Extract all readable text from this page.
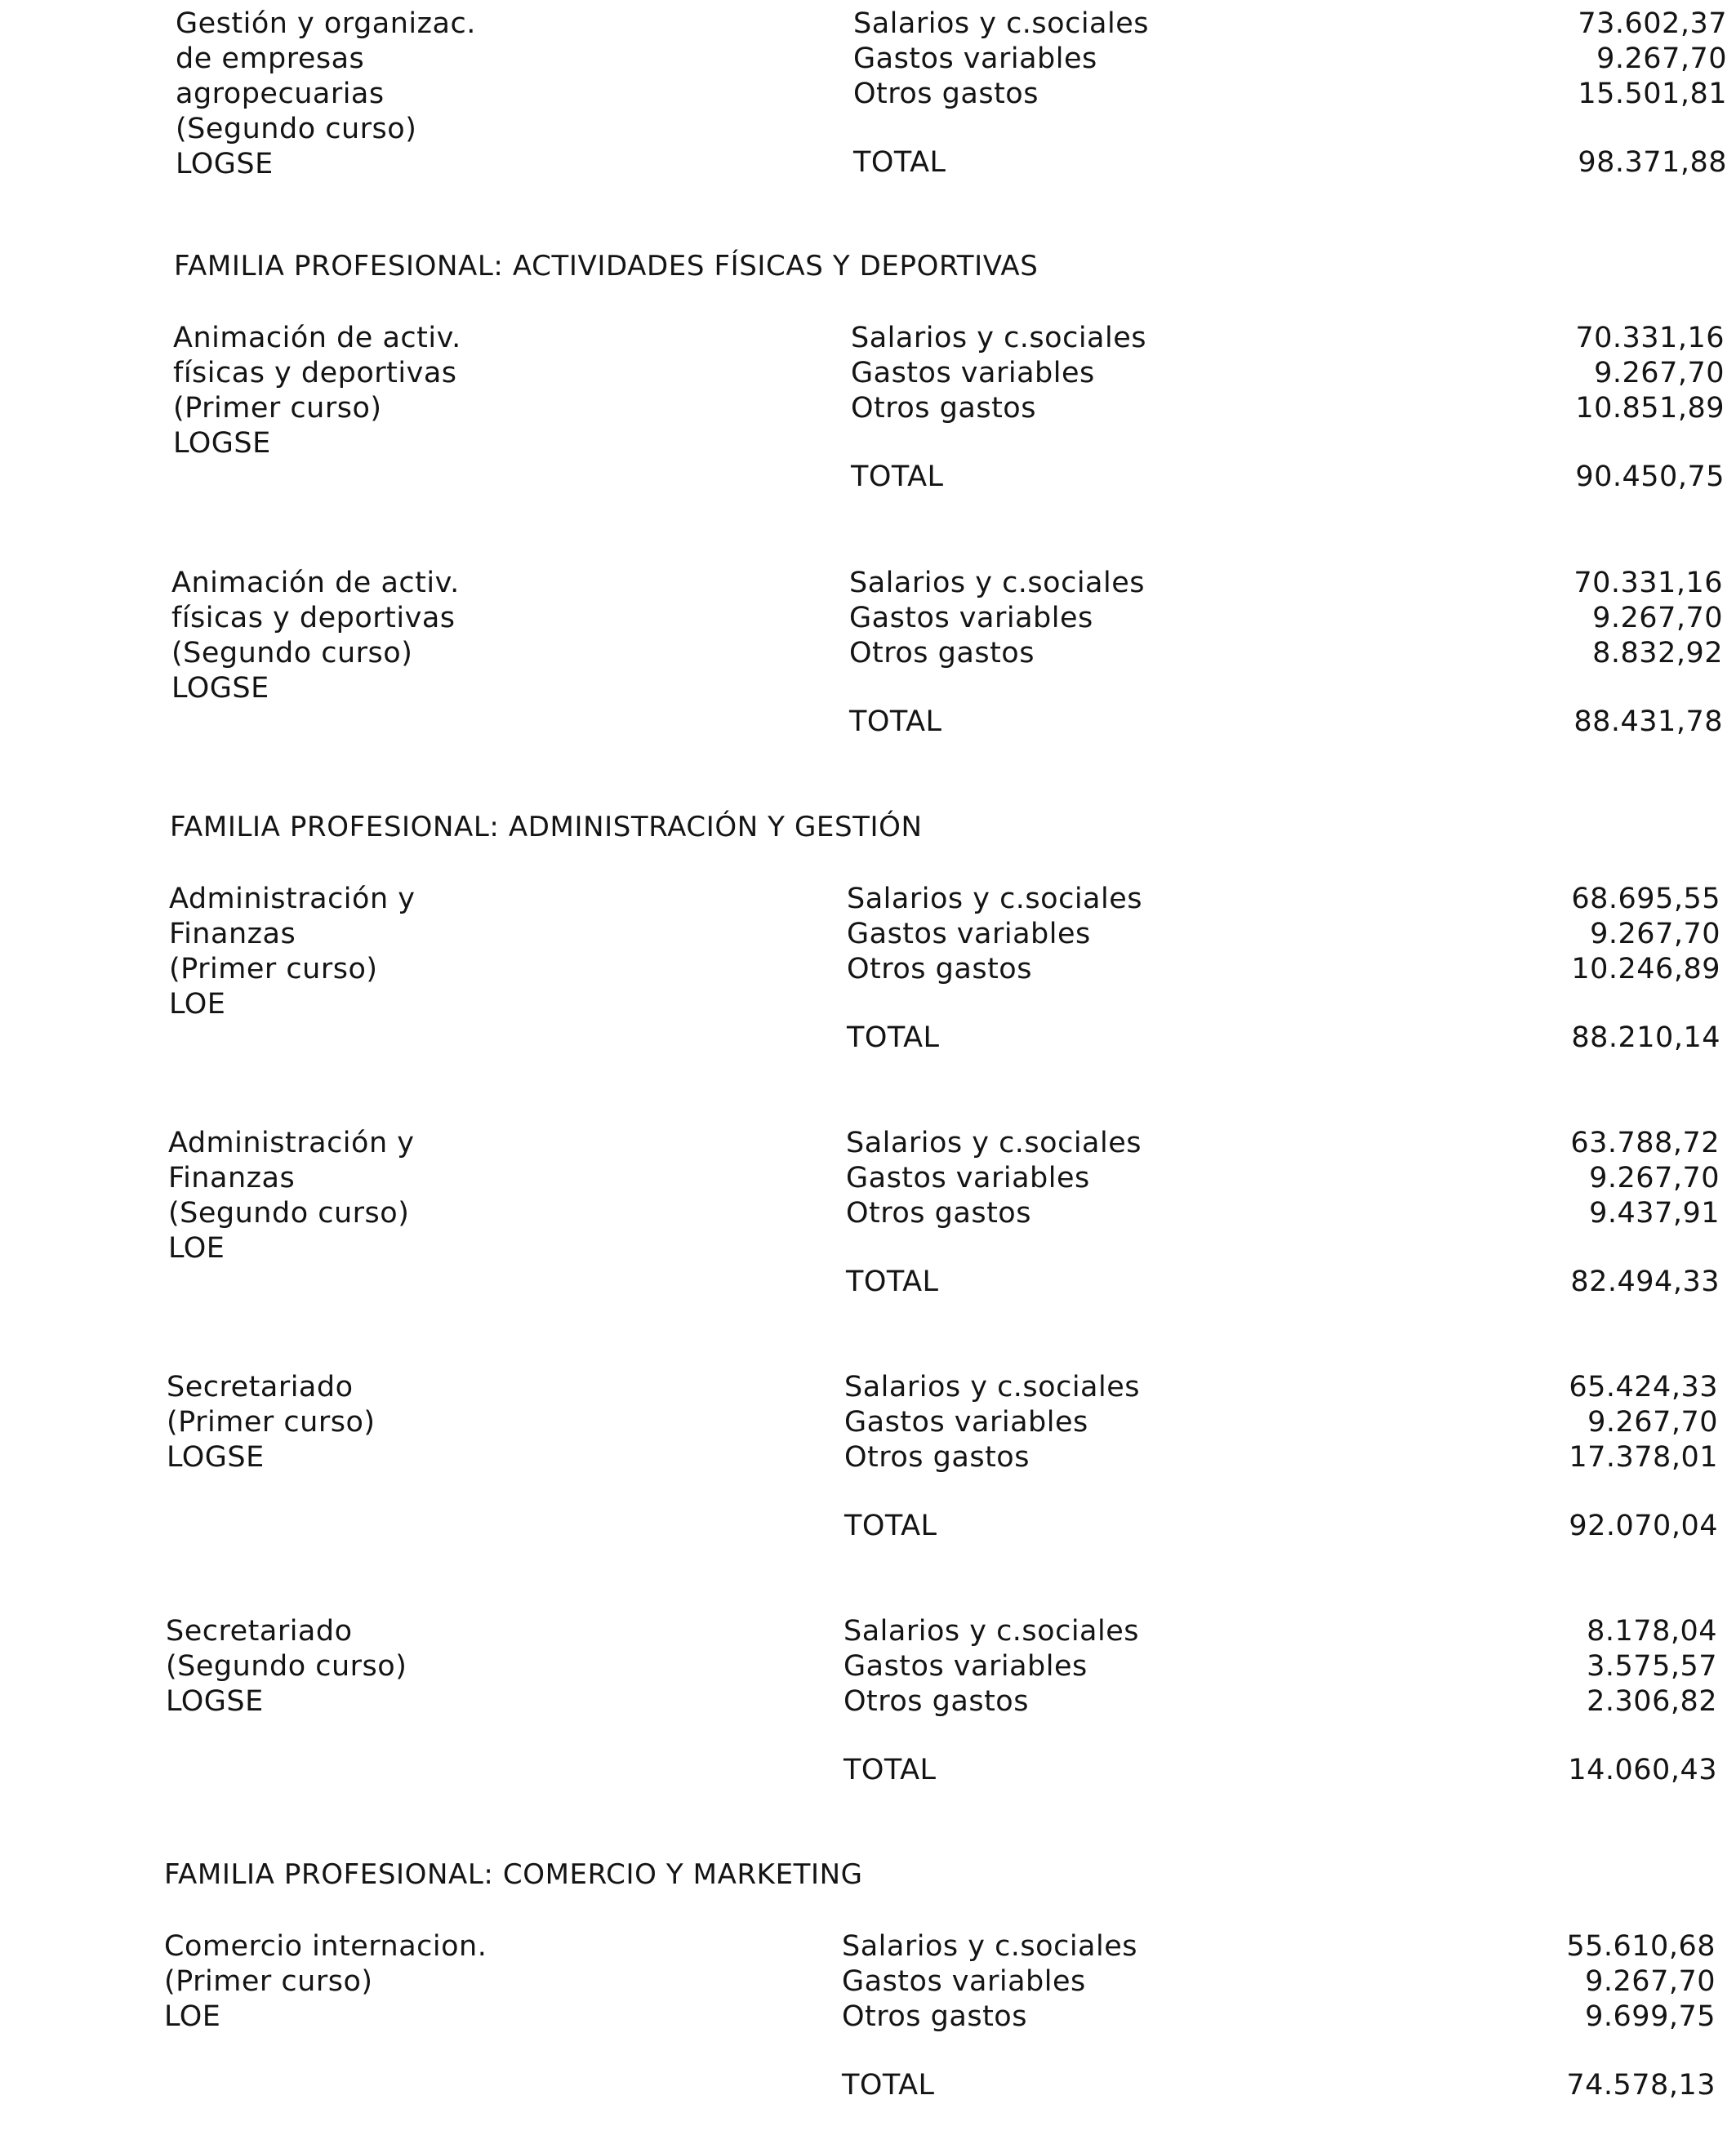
Gestión y organizac.
de empresas
agropecuarias
(Segundo curso)
LOGSE
Salarios y c.sociales
Gastos variables
Otros gastos
TOTAL
73.602,37
9.267,70
15.501,81
98.371,88
FAMILIA PROFESIONAL: ACTIVIDADES FÍSICAS Y DEPORTIVAS
Animación de activ.
físicas y deportivas
(Primer curso)
LOGSE
Salarios y c.sociales
Gastos variables
Otros gastos
TOTAL
70.331,16
9.267,70
10.851,89
90.450,75
Animación de activ.
físicas y deportivas
(Segundo curso)
LOGSE
Salarios y c.sociales
Gastos variables
Otros gastos
TOTAL
70.331,16
9.267,70
8.832,92
88.431,78
FAMILIA PROFESIONAL: ADMINISTRACIÓN Y GESTIÓN
Administración y
Finanzas
(Primer curso)
LOE
Salarios y c.sociales
Gastos variables
Otros gastos
TOTAL
68.695,55
9.267,70
10.246,89
88.210,14
Administración y
Finanzas
(Segundo curso)
LOE
Salarios y c.sociales
Gastos variables
Otros gastos
TOTAL
63.788,72
9.267,70
9.437,91
82.494,33
Secretariado
(Primer curso)
LOGSE
Salarios y c.sociales
Gastos variables
Otros gastos
TOTAL
65.424,33
9.267,70
17.378,01
92.070,04
Secretariado
(Segundo curso)
LOGSE
Salarios y c.sociales
Gastos variables
Otros gastos
TOTAL
8.178,04
3.575,57
2.306,82
14.060,43
FAMILIA PROFESIONAL: COMERCIO Y MARKETING
Comercio internacion.
(Primer curso)
LOE
Salarios y c.sociales
Gastos variables
Otros gastos
TOTAL
55.610,68
9.267,70
9.699,75
74.578,13
